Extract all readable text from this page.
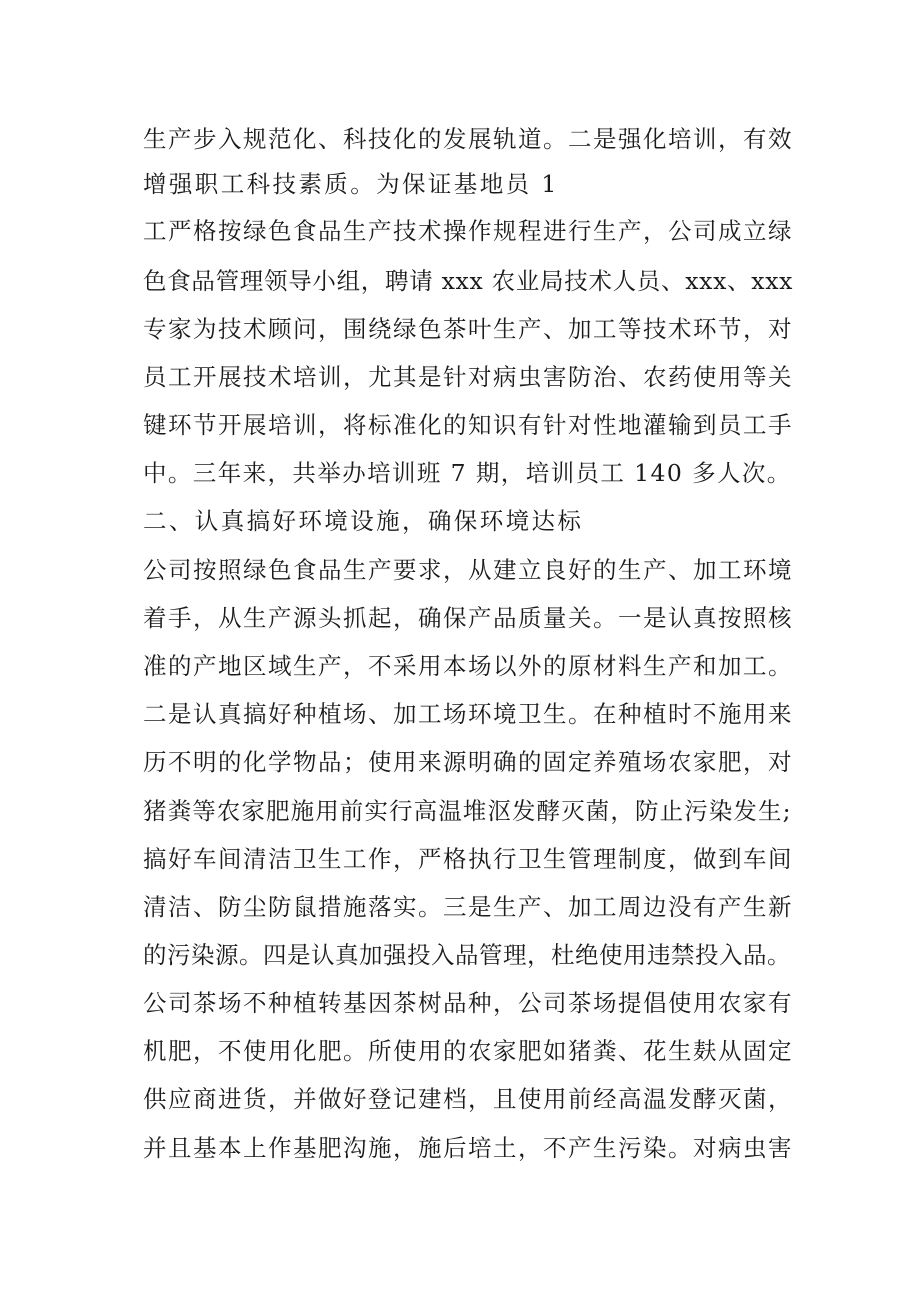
生产步入规范化、科技化的发展轨道。二是强化培训，有效
增强职工科技素质。为保证基地员 1
工严格按绿色食品生产技术操作规程进行生产，公司成立绿
色食品管理领导小组，聘请 xxx 农业局技术人员、xxx、xxx
专家为技术顾问，围绕绿色茶叶生产、加工等技术环节，对
员工开展技术培训，尤其是针对病虫害防治、农药使用等关
键环节开展培训，将标准化的知识有针对性地灌输到员工手
中。三年来，共举办培训班 7 期，培训员工 140 多人次。
二、认真搞好环境设施，确保环境达标
公司按照绿色食品生产要求，从建立良好的生产、加工环境
着手，从生产源头抓起，确保产品质量关。一是认真按照核
准的产地区域生产，不采用本场以外的原材料生产和加工。
二是认真搞好种植场、加工场环境卫生。在种植时不施用来
历不明的化学物品；使用来源明确的固定养殖场农家肥，对
猪粪等农家肥施用前实行高温堆沤发酵灭菌，防止污染发生;
搞好车间清洁卫生工作，严格执行卫生管理制度，做到车间
清洁、防尘防鼠措施落实。三是生产、加工周边没有产生新
的污染源。四是认真加强投入品管理，杜绝使用违禁投入品。
公司茶场不种植转基因茶树品种，公司茶场提倡使用农家有
机肥，不使用化肥。所使用的农家肥如猪粪、花生麸从固定
供应商进货，并做好登记建档，且使用前经高温发酵灭菌，
并且基本上作基肥沟施，施后培土，不产生污染。对病虫害
